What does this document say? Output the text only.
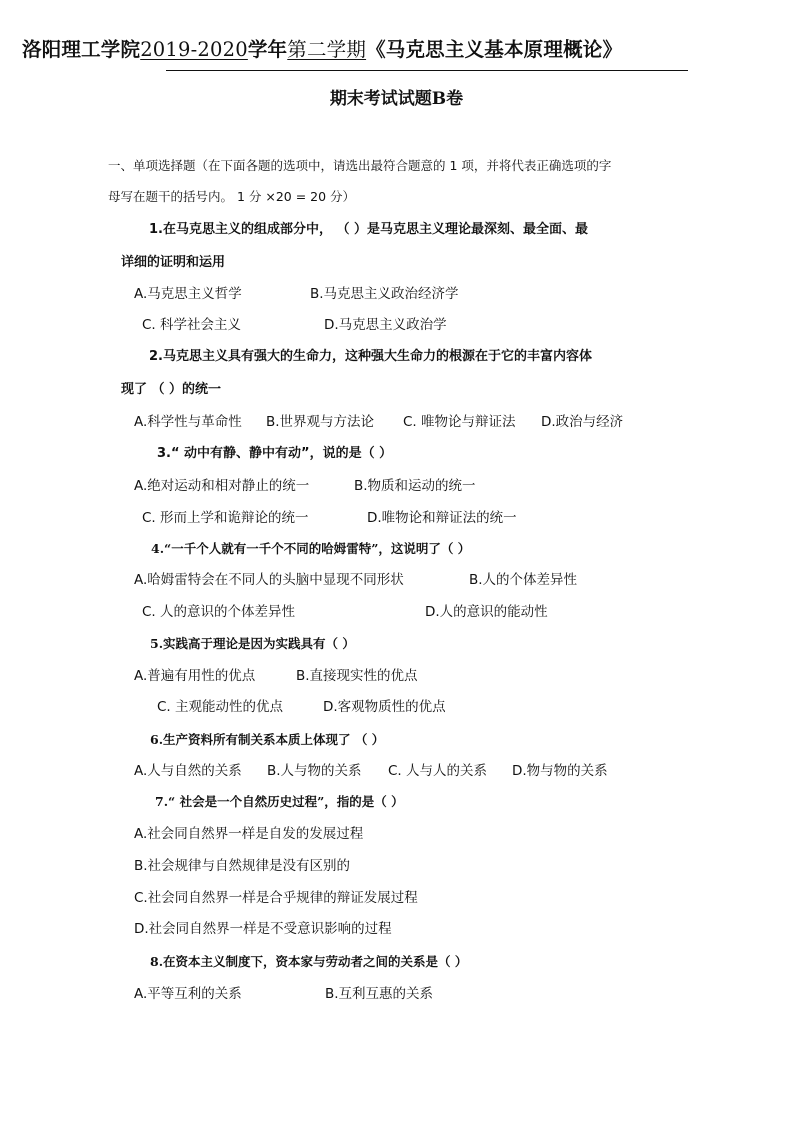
洛阳理工学院2019-2020学年第二学期《马克思主义基本原理概论》
期末考试试题B卷
一、单项选择题（在下面各题的选项中，请选出最符合题意的 1 项，并将代表正确选项的字
母写在题干的括号内。 1 分 ×20 = 20 分）
1.在马克思主义的组成部分中， （ ）是马克思主义理论最深刻、最全面、最
详细的证明和运用
A.马克思主义哲学	B.马克思主义政治经济学
C. 科学社会主义	D.马克思主义政治学
2.马克思主义具有强大的生命力，这种强大生命力的根源在于它的丰富内容体
现了 （ ）的统一
A.科学性与革命性 B.世界观与方法论 C. 唯物论与辩证法 D.政治与经济
3.“ 动中有静、静中有动”，说的是（ ）
A.绝对运动和相对静止的统一	B.物质和运动的统一
C. 形而上学和诡辩论的统一	D.唯物论和辩证法的统一
4.“一千个人就有一千个不同的哈姆雷特”，这说明了（ ）
A.哈姆雷特会在不同人的头脑中显现不同形状	B.人的个体差异性
C. 人的意识的个体差异性	D.人的意识的能动性
5.实践高于理论是因为实践具有（ ）
A.普遍有用性的优点	B.直接现实性的优点
C. 主观能动性的优点	D.客观物质性的优点
6.生产资料所有制关系本质上体现了 （ ）
A.人与自然的关系 B.人与物的关系 C. 人与人的关系 D.物与物的关系
7.“ 社会是一个自然历史过程”，指的是（ ）
A.社会同自然界一样是自发的发展过程
B.社会规律与自然规律是没有区别的
C.社会同自然界一样是合乎规律的辩证发展过程
D.社会同自然界一样是不受意识影响的过程
8.在资本主义制度下，资本家与劳动者之间的关系是（ ）
A.平等互利的关系	B.互利互惠的关系
